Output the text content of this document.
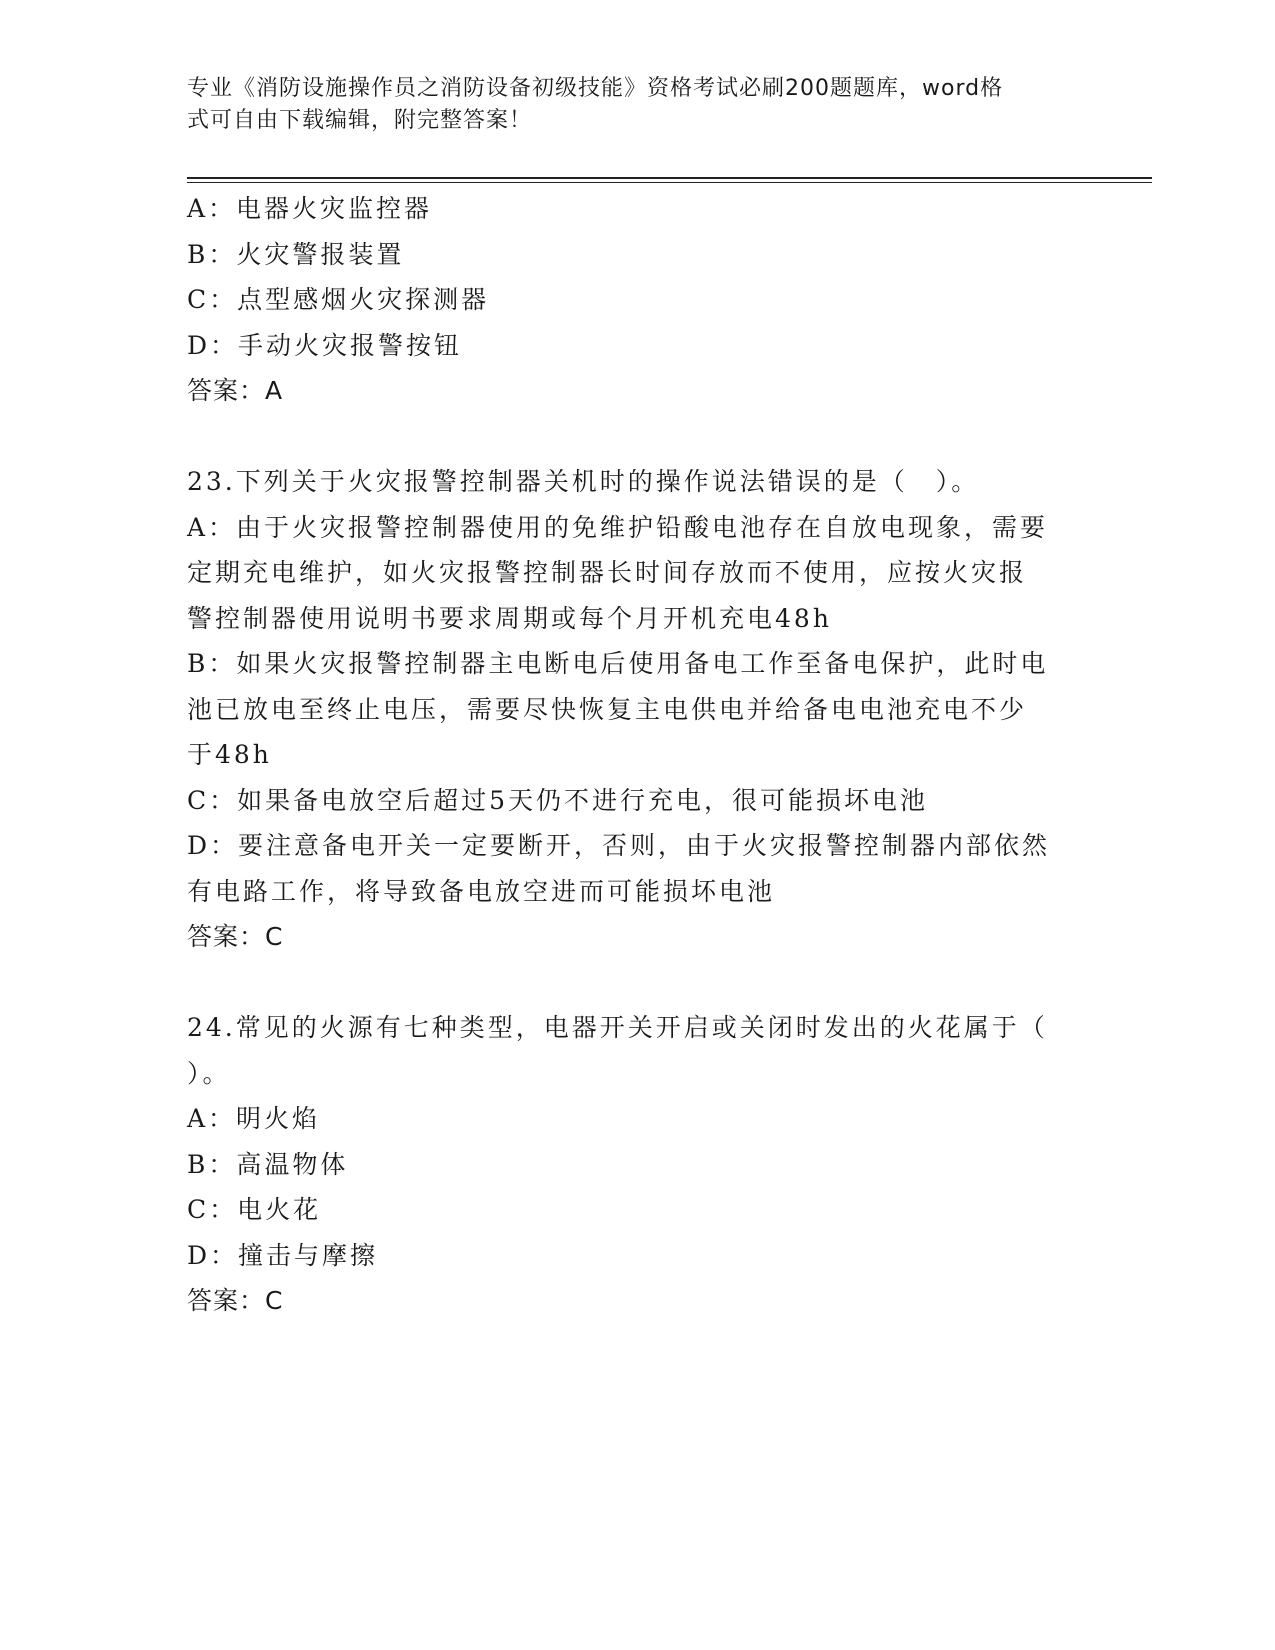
专业《消防设施操作员之消防设备初级技能》资格考试必刷200题题库，word格
式可自由下载编辑，附完整答案！
A：电器火灾监控器
B：火灾警报装置
C：点型感烟火灾探测器
D：手动火灾报警按钮
答案：A
23.下列关于火灾报警控制器关机时的操作说法错误的是（　）。
A：由于火灾报警控制器使用的免维护铅酸电池存在自放电现象，需要
定期充电维护，如火灾报警控制器长时间存放而不使用，应按火灾报
警控制器使用说明书要求周期或每个月开机充电48h
B：如果火灾报警控制器主电断电后使用备电工作至备电保护，此时电
池已放电至终止电压，需要尽快恢复主电供电并给备电电池充电不少
于48h
C：如果备电放空后超过5天仍不进行充电，很可能损坏电池
D：要注意备电开关一定要断开，否则，由于火灾报警控制器内部依然
有电路工作，将导致备电放空进而可能损坏电池
答案：C
24.常见的火源有七种类型，电器开关开启或关闭时发出的火花属于（
）。
A：明火焰
B：高温物体
C：电火花
D：撞击与摩擦
答案：C
